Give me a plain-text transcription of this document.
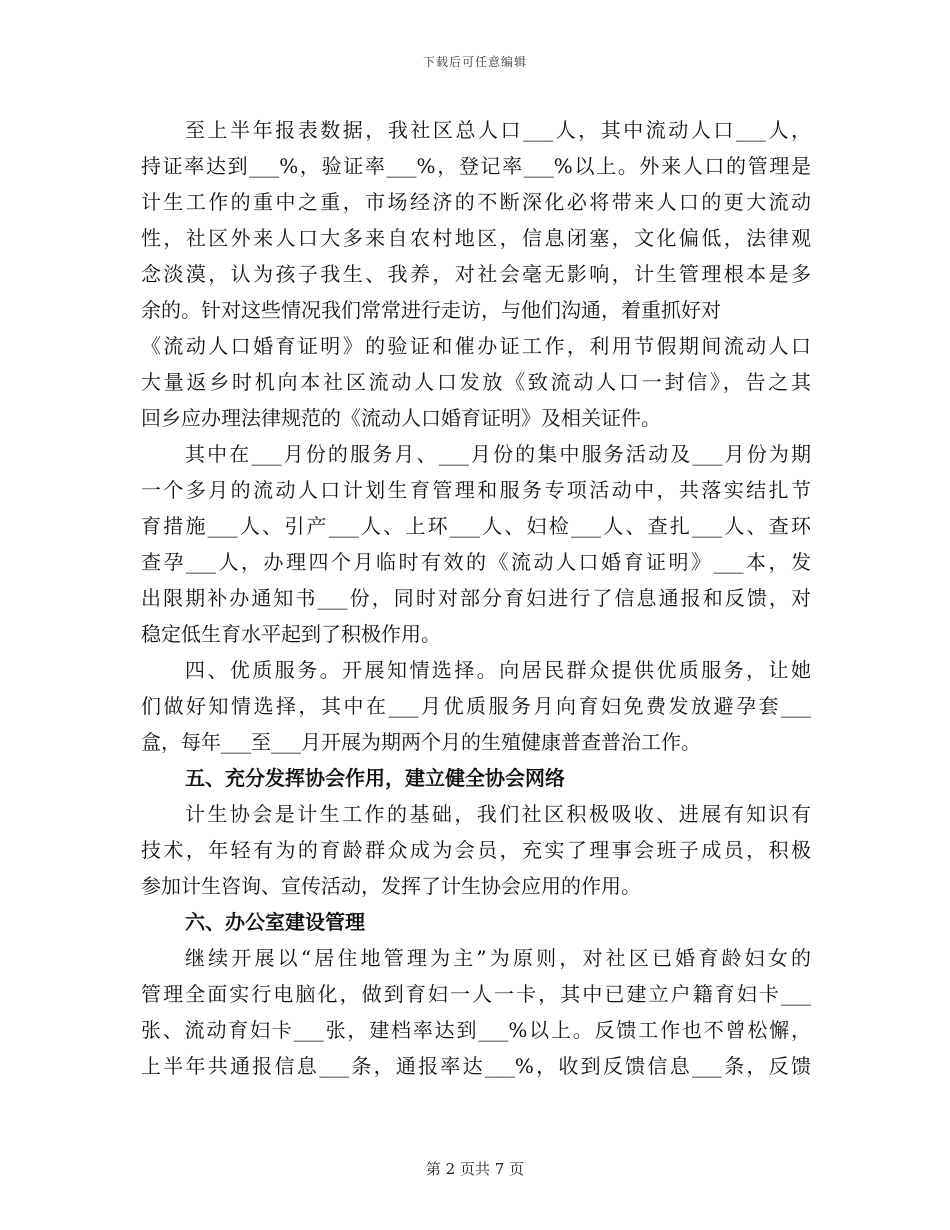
下载后可任意编辑
至上半年报表数据，我社区总人口___人，其中流动人口___人，
持证率达到___%，验证率___%，登记率___%以上。外来人口的管理是
计生工作的重中之重，市场经济的不断深化必将带来人口的更大流动
性，社区外来人口大多来自农村地区，信息闭塞，文化偏低，法律观
念淡漠，认为孩子我生、我养，对社会毫无影响，计生管理根本是多
余的。针对这些情况我们常常进行走访，与他们沟通，着重抓好对
《流动人口婚育证明》的验证和催办证工作，利用节假期间流动人口
大量返乡时机向本社区流动人口发放《致流动人口一封信》，告之其
回乡应办理法律规范的《流动人口婚育证明》及相关证件。
其中在___月份的服务月、___月份的集中服务活动及___月份为期
一个多月的流动人口计划生育管理和服务专项活动中，共落实结扎节
育措施___人、引产___人、上环___人、妇检___人、查扎___人、查环
查孕___人，办理四个月临时有效的《流动人口婚育证明》___本，发
出限期补办通知书___份，同时对部分育妇进行了信息通报和反馈，对
稳定低生育水平起到了积极作用。
四、优质服务。开展知情选择。向居民群众提供优质服务，让她
们做好知情选择，其中在___月优质服务月向育妇免费发放避孕套___
盒，每年___至___月开展为期两个月的生殖健康普查普治工作。
五、充分发挥协会作用，建立健全协会网络
计生协会是计生工作的基础，我们社区积极吸收、进展有知识有
技术，年轻有为的育龄群众成为会员，充实了理事会班子成员，积极
参加计生咨询、宣传活动，发挥了计生协会应用的作用。
六、办公室建设管理
继续开展以“居住地管理为主”为原则，对社区已婚育龄妇女的
管理全面实行电脑化，做到育妇一人一卡，其中已建立户籍育妇卡___
张、流动育妇卡___张，建档率达到___%以上。反馈工作也不曾松懈，
上半年共通报信息___条，通报率达___%，收到反馈信息___条，反馈
第 2 页共 7 页
